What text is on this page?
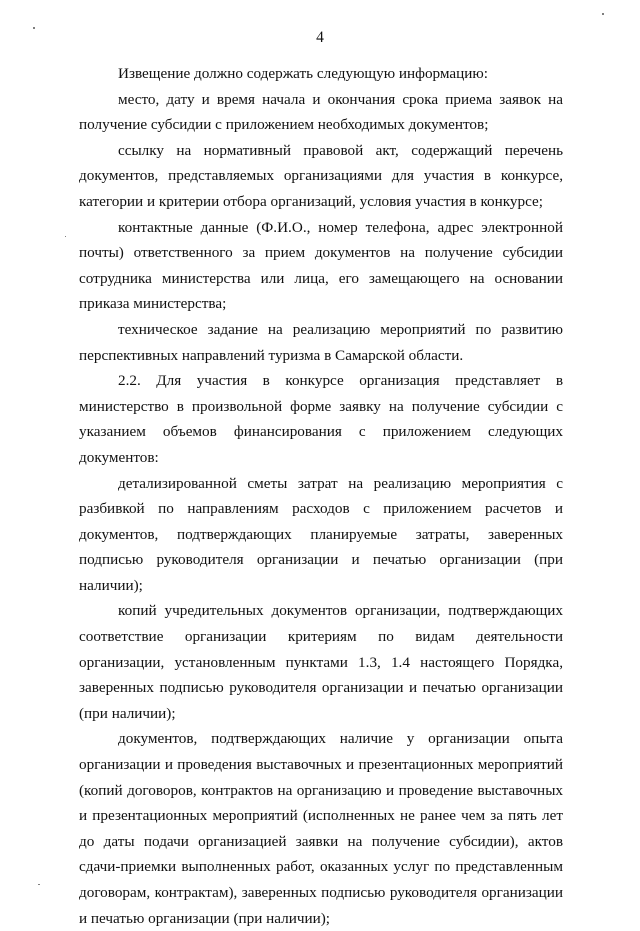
4

Извещение должно содержать следующую информацию:

место, дату и время начала и окончания срока приема заявок на получение субсидии с приложением необходимых документов;

ссылку на нормативный правовой акт, содержащий перечень документов, представляемых организациями для участия в конкурсе, категории и критерии отбора организаций, условия участия в конкурсе;

контактные данные (Ф.И.О., номер телефона, адрес электронной почты) ответственного за прием документов на получение субсидии сотрудника министерства или лица, его замещающего на основании приказа министерства;

техническое задание на реализацию мероприятий по развитию перспективных направлений туризма в Самарской области.

2.2. Для участия в конкурсе организация представляет в министерство в произвольной форме заявку на получение субсидии с указанием объемов финансирования с приложением следующих документов:

детализированной сметы затрат на реализацию мероприятия с разбивкой по направлениям расходов с приложением расчетов и документов, подтверждающих планируемые затраты, заверенных подписью руководителя организации и печатью организации (при наличии);

копий учредительных документов организации, подтверждающих соответствие организации критериям по видам деятельности организации, установленным пунктами 1.3, 1.4 настоящего Порядка, заверенных подписью руководителя организации и печатью организации (при наличии);

документов, подтверждающих наличие у организации опыта организации и проведения выставочных и презентационных мероприятий (копий договоров, контрактов на организацию и проведение выставочных и презентационных мероприятий (исполненных не ранее чем за пять лет до даты подачи организацией заявки на получение субсидии), актов сдачи-приемки выполненных работ, оказанных услуг по представленным договорам, контрактам), заверенных подписью руководителя организации и печатью организации (при наличии);
